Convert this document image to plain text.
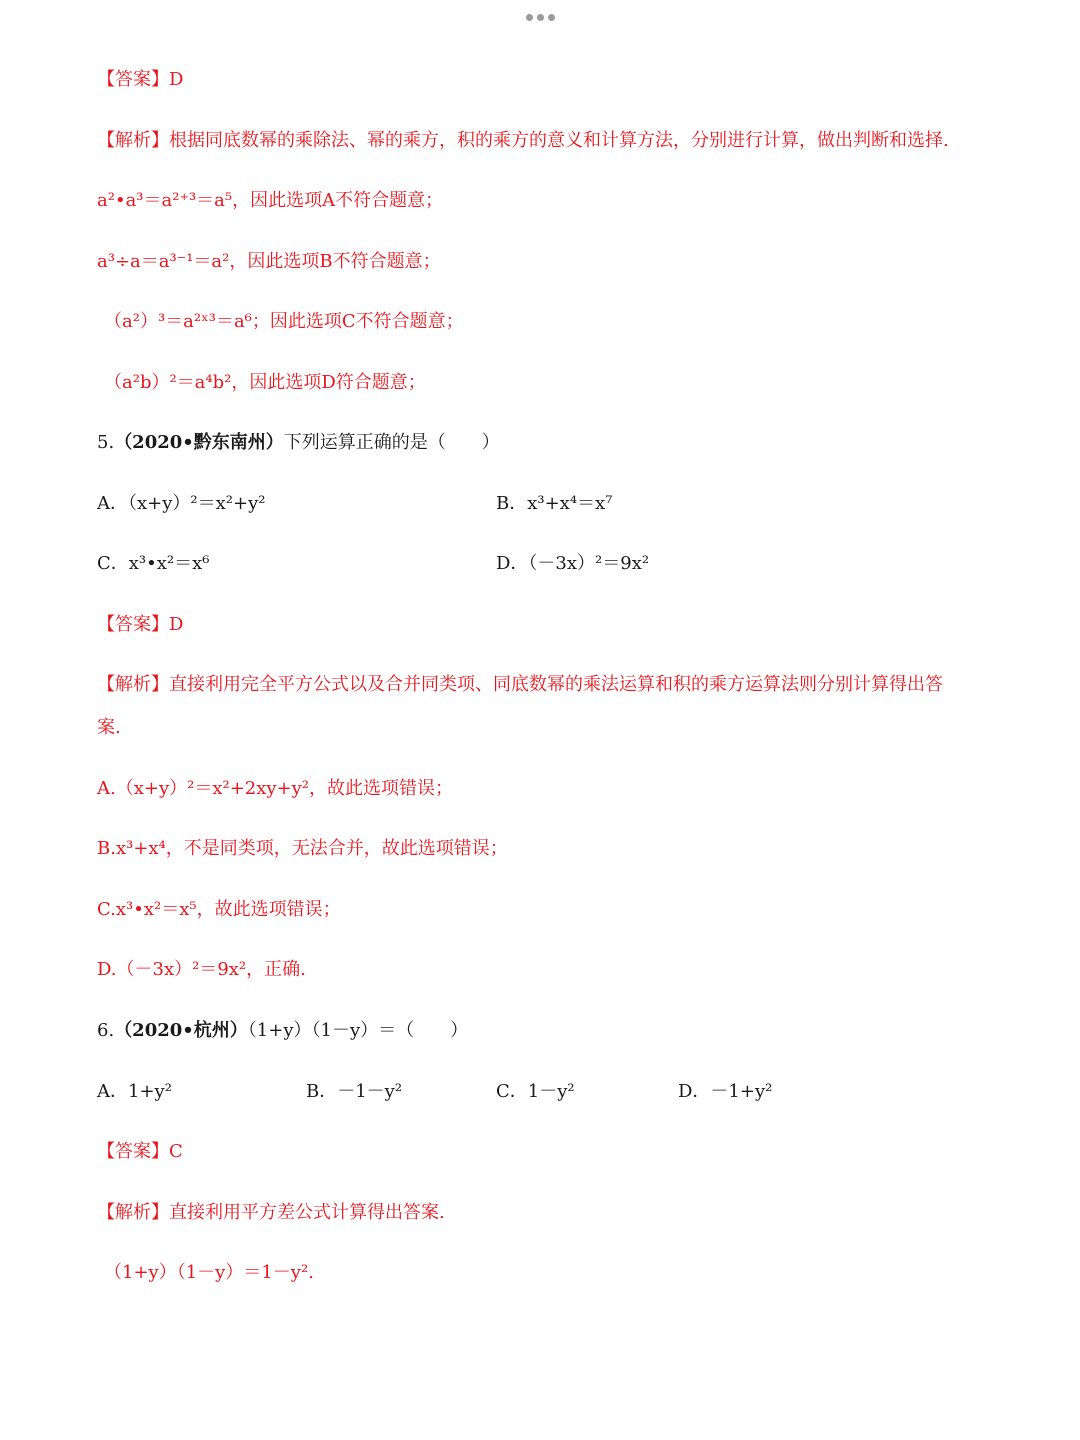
【答案】D
【解析】根据同底数幂的乘除法、幂的乘方，积的乘方的意义和计算方法，分别进行计算，做出判断和选择.
a²•a³＝a²⁺³＝a⁵，因此选项A不符合题意；
a³÷a＝a³⁻¹＝a²，因此选项B不符合题意；
（a²）³＝a²ˣ³＝a⁶；因此选项C不符合题意；
（a²b）²＝a⁴b²，因此选项D符合题意；
5.（2020•黔东南州）下列运算正确的是（　　）
A．（x+y）²＝x²+y²	B．x³+x⁴＝x⁷
C．x³•x²＝x⁶	D．（－3x）²＝9x²
【答案】D
【解析】直接利用完全平方公式以及合并同类项、同底数幂的乘法运算和积的乘方运算法则分别计算得出答
案.
A.（x+y）²＝x²+2xy+y²，故此选项错误；
B.x³+x⁴，不是同类项，无法合并，故此选项错误；
C.x³•x²＝x⁵，故此选项错误；
D.（－3x）²＝9x²，正确.
6.（2020•杭州）（1+y）（1－y）＝（　　）
A．1+y²	B．－1－y²	C．1－y²	D．－1+y²
【答案】C
【解析】直接利用平方差公式计算得出答案.
（1+y）（1－y）＝1－y².
